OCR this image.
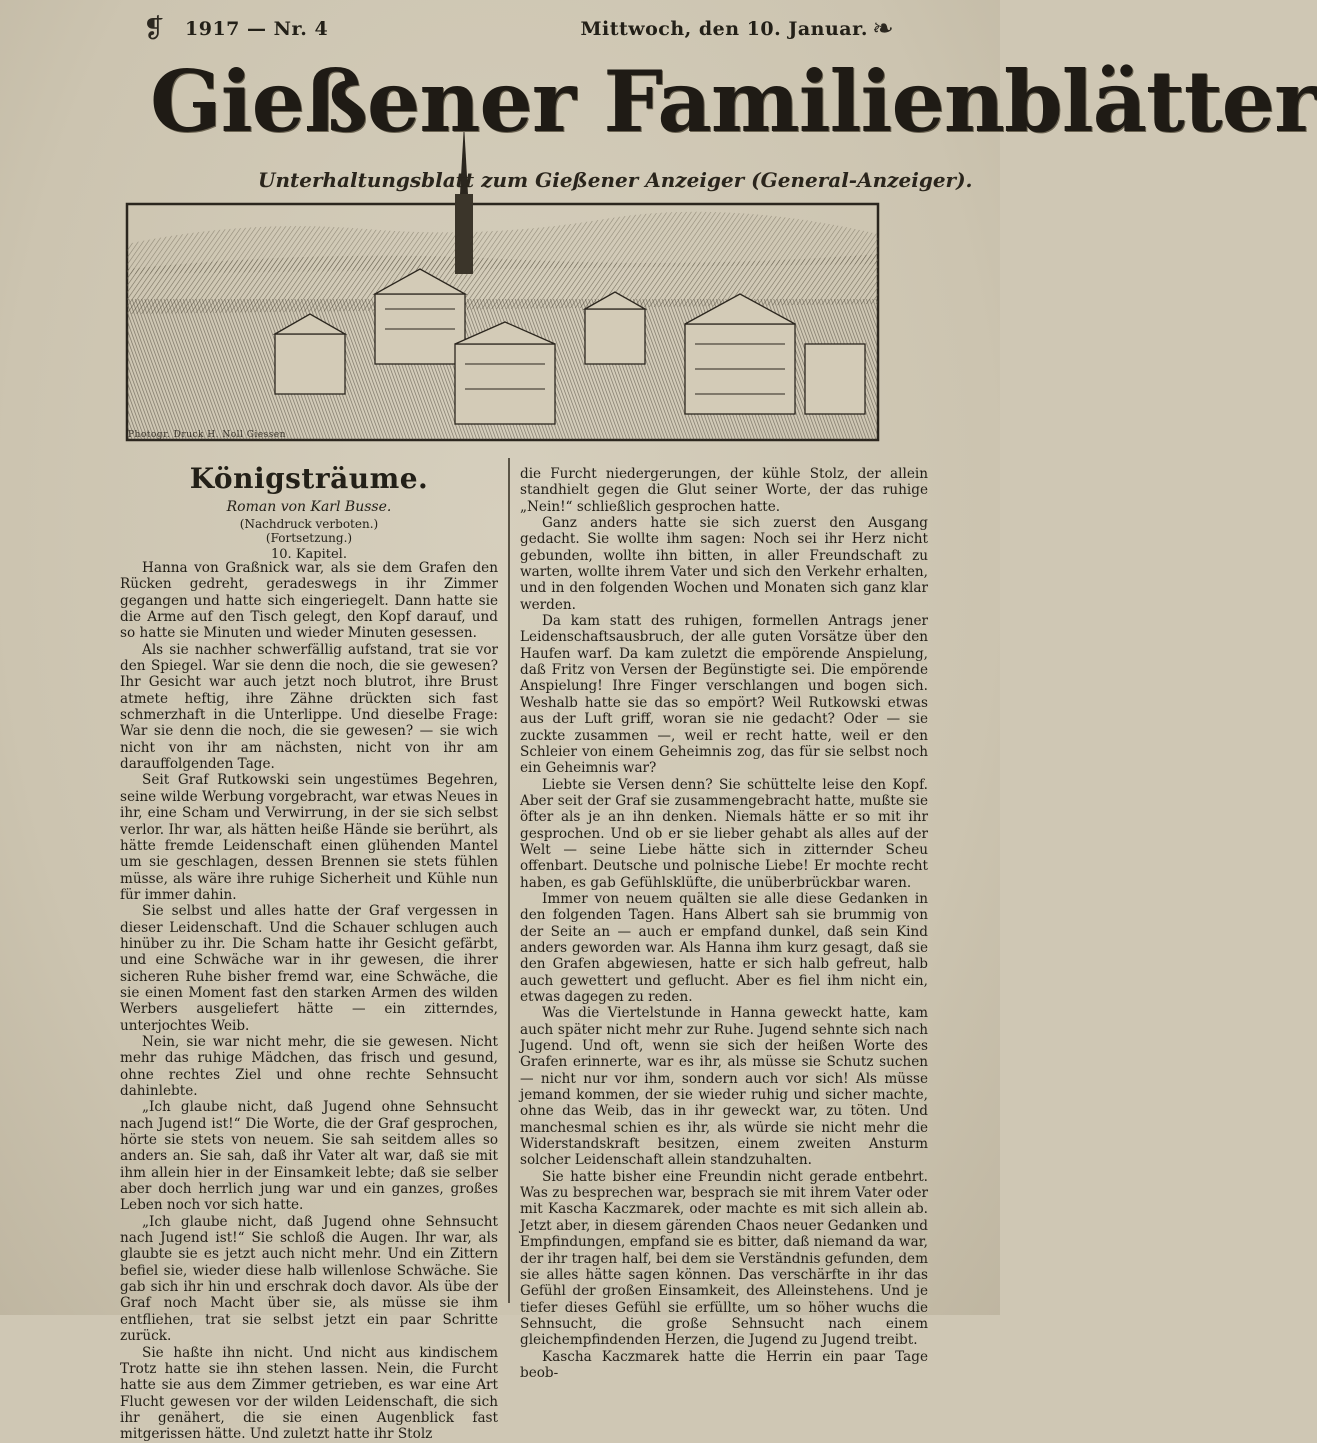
❡	❧
1917 — Nr. 4	Mittwoch, den 10. Januar.
Gießener Familienblätter
Unterhaltungsblatt zum Gießener Anzeiger (General-Anzeiger).
Photogr. Druck H. Noll Giessen
Königsträume.
Roman von Karl Busse.
(Nachdruck verboten.)
(Fortsetzung.)
10. Kapitel.

Hanna von Graßnick war, als sie dem Grafen den Rücken gedreht, geradeswegs in ihr Zimmer gegangen und hatte sich eingeriegelt. Dann hatte sie die Arme auf den Tisch gelegt, den Kopf darauf, und so hatte sie Minuten und wieder Minuten gesessen.

Als sie nachher schwerfällig aufstand, trat sie vor den Spiegel. War sie denn die noch, die sie gewesen? Ihr Gesicht war auch jetzt noch blutrot, ihre Brust atmete heftig, ihre Zähne drückten sich fast schmerzhaft in die Unterlippe. Und dieselbe Frage: War sie denn die noch, die sie gewesen? — sie wich nicht von ihr am nächsten, nicht von ihr am darauffolgenden Tage.

Seit Graf Rutkowski sein ungestümes Begehren, seine wilde Werbung vorgebracht, war etwas Neues in ihr, eine Scham und Verwirrung, in der sie sich selbst verlor. Ihr war, als hätten heiße Hände sie berührt, als hätte fremde Leidenschaft einen glühenden Mantel um sie geschlagen, dessen Brennen sie stets fühlen müsse, als wäre ihre ruhige Sicherheit und Kühle nun für immer dahin.

Sie selbst und alles hatte der Graf vergessen in dieser Leidenschaft. Und die Schauer schlugen auch hinüber zu ihr. Die Scham hatte ihr Gesicht gefärbt, und eine Schwäche war in ihr gewesen, die ihrer sicheren Ruhe bisher fremd war, eine Schwäche, die sie einen Moment fast den starken Armen des wilden Werbers ausgeliefert hätte — ein zitterndes, unterjochtes Weib.

Nein, sie war nicht mehr, die sie gewesen. Nicht mehr das ruhige Mädchen, das frisch und gesund, ohne rechtes Ziel und ohne rechte Sehnsucht dahinlebte.

„Ich glaube nicht, daß Jugend ohne Sehnsucht nach Jugend ist!“ Die Worte, die der Graf gesprochen, hörte sie stets von neuem. Sie sah seitdem alles so anders an. Sie sah, daß ihr Vater alt war, daß sie mit ihm allein hier in der Einsamkeit lebte; daß sie selber aber doch herrlich jung war und ein ganzes, großes Leben noch vor sich hatte.

„Ich glaube nicht, daß Jugend ohne Sehnsucht nach Jugend ist!“ Sie schloß die Augen. Ihr war, als glaubte sie es jetzt auch nicht mehr. Und ein Zittern befiel sie, wieder diese halb willenlose Schwäche. Sie gab sich ihr hin und erschrak doch davor. Als übe der Graf noch Macht über sie, als müsse sie ihm entfliehen, trat sie selbst jetzt ein paar Schritte zurück.

Sie haßte ihn nicht. Und nicht aus kindischem Trotz hatte sie ihn stehen lassen. Nein, die Furcht hatte sie aus dem Zimmer getrieben, es war eine Art Flucht gewesen vor der wilden Leidenschaft, die sich ihr genähert, die sie einen Augenblick fast mitgerissen hätte. Und zuletzt hatte ihr Stolz

die Furcht niedergerungen, der kühle Stolz, der allein standhielt gegen die Glut seiner Worte, der das ruhige „Nein!“ schließlich gesprochen hatte.

Ganz anders hatte sie sich zuerst den Ausgang gedacht. Sie wollte ihm sagen: Noch sei ihr Herz nicht gebunden, wollte ihn bitten, in aller Freundschaft zu warten, wollte ihrem Vater und sich den Verkehr erhalten, und in den folgenden Wochen und Monaten sich ganz klar werden.

Da kam statt des ruhigen, formellen Antrags jener Leidenschaftsausbruch, der alle guten Vorsätze über den Haufen warf. Da kam zuletzt die empörende Anspielung, daß Fritz von Versen der Begünstigte sei. Die empörende Anspielung! Ihre Finger verschlangen und bogen sich. Weshalb hatte sie das so empört? Weil Rutkowski etwas aus der Luft griff, woran sie nie gedacht? Oder — sie zuckte zusammen —, weil er recht hatte, weil er den Schleier von einem Geheimnis zog, das für sie selbst noch ein Geheimnis war?

Liebte sie Versen denn? Sie schüttelte leise den Kopf. Aber seit der Graf sie zusammengebracht hatte, mußte sie öfter als je an ihn denken. Niemals hätte er so mit ihr gesprochen. Und ob er sie lieber gehabt als alles auf der Welt — seine Liebe hätte sich in zitternder Scheu offenbart. Deutsche und polnische Liebe! Er mochte recht haben, es gab Gefühlsklüfte, die unüberbrückbar waren.

Immer von neuem quälten sie alle diese Gedanken in den folgenden Tagen. Hans Albert sah sie brummig von der Seite an — auch er empfand dunkel, daß sein Kind anders geworden war. Als Hanna ihm kurz gesagt, daß sie den Grafen abgewiesen, hatte er sich halb gefreut, halb auch gewettert und geflucht. Aber es fiel ihm nicht ein, etwas dagegen zu reden.

Was die Viertelstunde in Hanna geweckt hatte, kam auch später nicht mehr zur Ruhe. Jugend sehnte sich nach Jugend. Und oft, wenn sie sich der heißen Worte des Grafen erinnerte, war es ihr, als müsse sie Schutz suchen — nicht nur vor ihm, sondern auch vor sich! Als müsse jemand kommen, der sie wieder ruhig und sicher machte, ohne das Weib, das in ihr geweckt war, zu töten. Und manchesmal schien es ihr, als würde sie nicht mehr die Widerstandskraft besitzen, einem zweiten Ansturm solcher Leidenschaft allein standzuhalten.

Sie hatte bisher eine Freundin nicht gerade entbehrt. Was zu besprechen war, besprach sie mit ihrem Vater oder mit Kascha Kaczmarek, oder machte es mit sich allein ab. Jetzt aber, in diesem gärenden Chaos neuer Gedanken und Empfindungen, empfand sie es bitter, daß niemand da war, der ihr tragen half, bei dem sie Verständnis gefunden, dem sie alles hätte sagen können. Das verschärfte in ihr das Gefühl der großen Einsamkeit, des Alleinstehens. Und je tiefer dieses Gefühl sie erfüllte, um so höher wuchs die Sehnsucht, die große Sehnsucht nach einem gleichempfindenden Herzen, die Jugend zu Jugend treibt.

Kascha Kaczmarek hatte die Herrin ein paar Tage beob-
